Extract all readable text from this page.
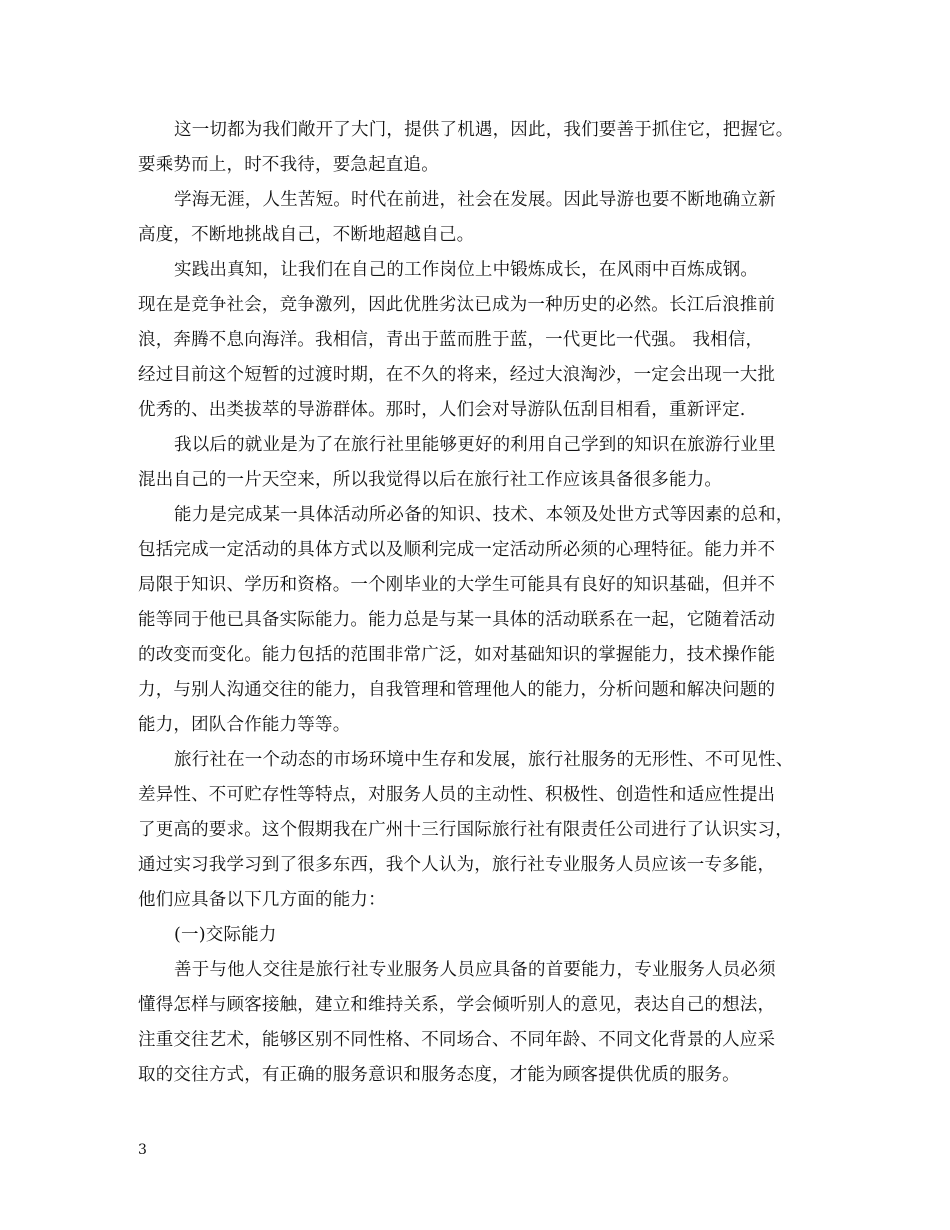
这一切都为我们敞开了大门，提供了机遇，因此，我们要善于抓住它，把握它。
要乘势而上，时不我待，要急起直追。
学海无涯，人生苦短。时代在前进，社会在发展。因此导游也要不断地确立新
高度，不断地挑战自己，不断地超越自己。
实践出真知，让我们在自己的工作岗位上中锻炼成长，在风雨中百炼成钢。
现在是竞争社会，竞争激列，因此优胜劣汰已成为一种历史的必然。长江后浪推前
浪，奔腾不息向海洋。我相信，青出于蓝而胜于蓝，一代更比一代强。 我相信，
经过目前这个短暂的过渡时期，在不久的将来，经过大浪淘沙，一定会出现一大批
优秀的、出类拔萃的导游群体。那时，人们会对导游队伍刮目相看，重新评定.
我以后的就业是为了在旅行社里能够更好的利用自己学到的知识在旅游行业里
混出自己的一片天空来，所以我觉得以后在旅行社工作应该具备很多能力。
能力是完成某一具体活动所必备的知识、技术、本领及处世方式等因素的总和，
包括完成一定活动的具体方式以及顺利完成一定活动所必须的心理特征。能力并不
局限于知识、学历和资格。一个刚毕业的大学生可能具有良好的知识基础，但并不
能等同于他已具备实际能力。能力总是与某一具体的活动联系在一起，它随着活动
的改变而变化。能力包括的范围非常广泛，如对基础知识的掌握能力，技术操作能
力，与别人沟通交往的能力，自我管理和管理他人的能力，分析问题和解决问题的
能力，团队合作能力等等。
旅行社在一个动态的市场环境中生存和发展，旅行社服务的无形性、不可见性、
差异性、不可贮存性等特点，对服务人员的主动性、积极性、创造性和适应性提出
了更高的要求。这个假期我在广州十三行国际旅行社有限责任公司进行了认识实习，
通过实习我学习到了很多东西，我个人认为，旅行社专业服务人员应该一专多能，
他们应具备以下几方面的能力：
(一)交际能力
善于与他人交往是旅行社专业服务人员应具备的首要能力，专业服务人员必须
懂得怎样与顾客接触，建立和维持关系，学会倾听别人的意见，表达自己的想法，
注重交往艺术，能够区别不同性格、不同场合、不同年龄、不同文化背景的人应采
取的交往方式，有正确的服务意识和服务态度，才能为顾客提供优质的服务。
3
